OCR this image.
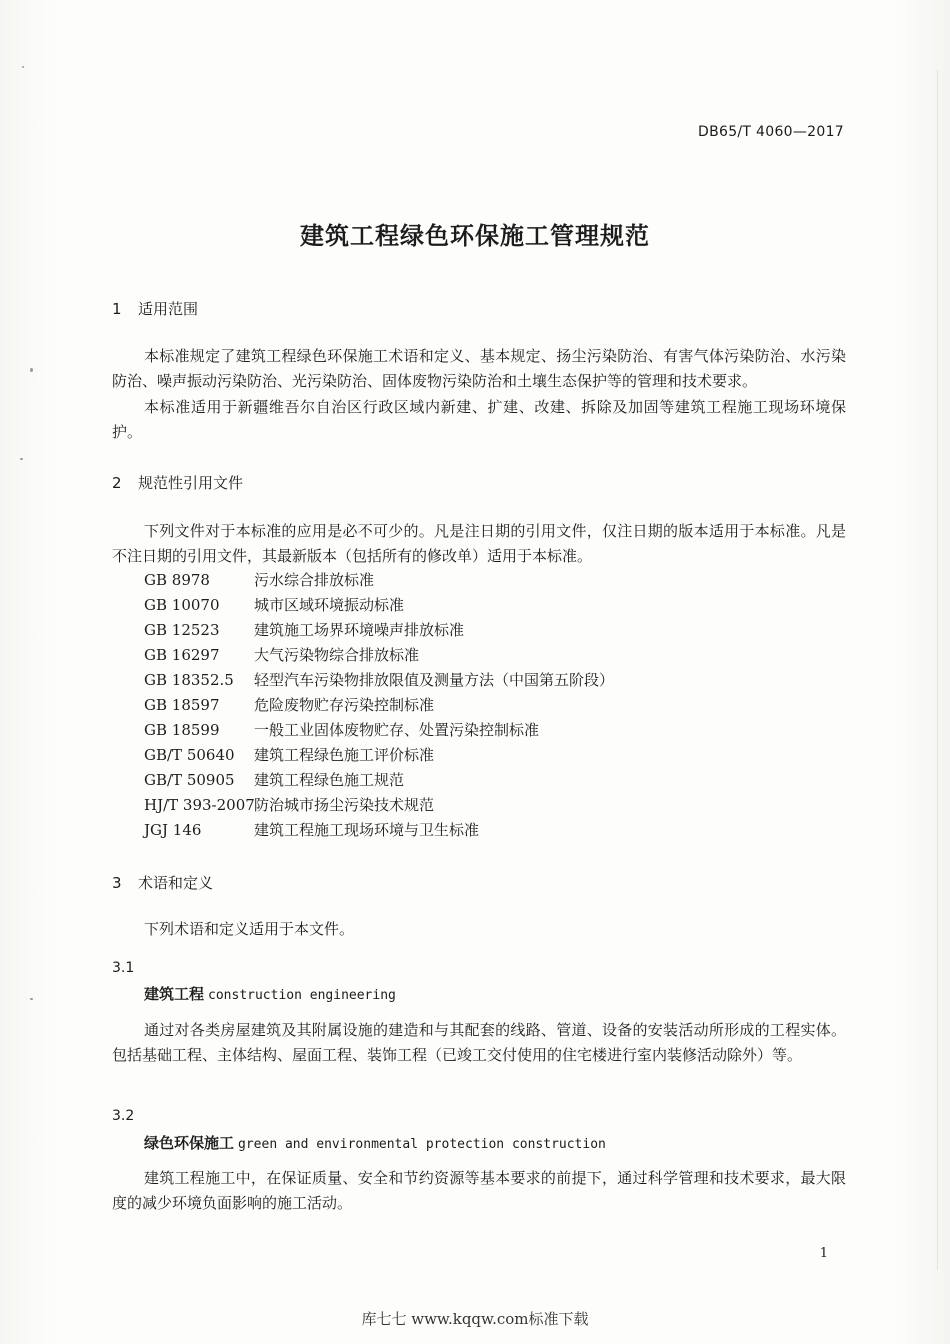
DB65/T 4060—2017
建筑工程绿色环保施工管理规范
1 适用范围

本标准规定了建筑工程绿色环保施工术语和定义、基本规定、扬尘污染防治、有害气体污染防治、水污染防治、噪声振动污染防治、光污染防治、固体废物污染防治和土壤生态保护等的管理和技术要求。

本标准适用于新疆维吾尔自治区行政区域内新建、扩建、改建、拆除及加固等建筑工程施工现场环境保护。

2 规范性引用文件

下列文件对于本标准的应用是必不可少的。凡是注日期的引用文件，仅注日期的版本适用于本标准。凡是不注日期的引用文件，其最新版本（包括所有的修改单）适用于本标准。

GB 8978	污水综合排放标准
GB 10070 城市区域环境振动标准
GB 12523 建筑施工场界环境噪声排放标准
GB 16297 大气污染物综合排放标准
GB 18352.5 轻型汽车污染物排放限值及测量方法（中国第五阶段）
GB 18597 危险废物贮存污染控制标准
GB 18599 一般工业固体废物贮存、处置污染控制标准
GB/T 50640 建筑工程绿色施工评价标准
GB/T 50905 建筑工程绿色施工规范
HJ/T 393-2007防治城市扬尘污染技术规范
JGJ 146	建筑工程施工现场环境与卫生标准
3 术语和定义
下列术语和定义适用于本文件。
3.1
建筑工程 construction engineering

通过对各类房屋建筑及其附属设施的建造和与其配套的线路、管道、设备的安装活动所形成的工程实体。包括基础工程、主体结构、屋面工程、装饰工程（已竣工交付使用的住宅楼进行室内装修活动除外）等。

3.2
绿色环保施工 green and environmental protection construction

建筑工程施工中，在保证质量、安全和节约资源等基本要求的前提下，通过科学管理和技术要求，最大限度的减少环境负面影响的施工活动。

1
库七七 www.kqqw.com标准下载
